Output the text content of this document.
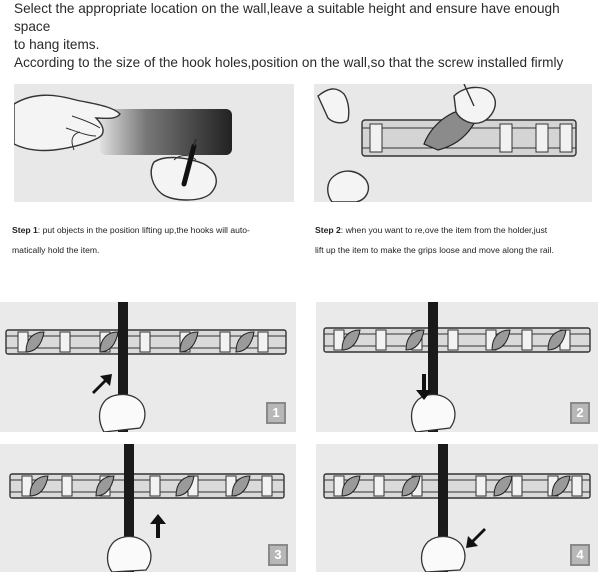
Select the appropriate location on the wall,leave a suitable height and ensure have enough space
to hang items.
According to the size of the hook holes,position on the wall,so that the screw installed firmly
Step 1: put objects in the position lifting up,the hooks will auto-
matically hold the item.
Step 2: when you want to re,ove the item from the holder,just
lift up the item to make the grips loose and move along the rail.
1	2
3	4
